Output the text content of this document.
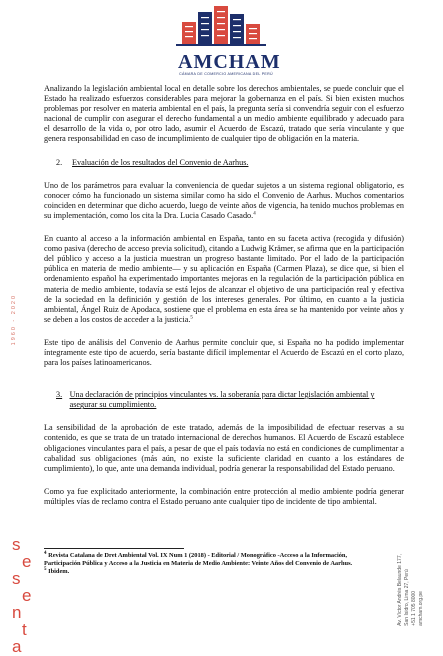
AMCHAM
CÁMARA DE COMERCIO AMERICANA DEL PERÚ
1960 - 2020

Analizando la legislación ambiental local en detalle sobre los derechos ambientales, se puede concluir que el Estado ha realizado esfuerzos considerables para mejorar la gobernanza en el país. Si bien existen muchos problemas por resolver en materia ambiental en el país, la pregunta sería si convendría seguir con el esfuerzo nacional de cumplir con asegurar el derecho fundamental a un medio ambiente equilibrado y adecuado para el desarrollo de la vida o, por otro lado, asumir el Acuerdo de Escazú, tratado que sería vinculante y que genera responsabilidad en caso de incumplimiento de cualquier tipo de obligación en la materia.

2. Evaluación de los resultados del Convenio de Aarhus.

Uno de los parámetros para evaluar la conveniencia de quedar sujetos a un sistema regional obligatorio, es conocer cómo ha funcionado un sistema similar como ha sido el Convenio de Aarhus. Muchos comentarios coinciden en determinar que dicho acuerdo, luego de veinte años de vigencia, ha tenido muchos problemas en su implementación, como los cita la Dra. Lucia Casado Casado.$^4$

En cuanto al acceso a la información ambiental en España, tanto en su faceta activa (recogida y difusión) como pasiva (derecho de acceso previa solicitud), citando a Ludwig Krämer, se afirma que en la participación del público y acceso a la justicia muestran un progreso bastante limitado. Por el lado de la participación pública en materia de medio ambiente— y su aplicación en España (Carmen Plaza), se dice que, si bien el ordenamiento español ha experimentado importantes mejoras en la regulación de la participación pública en materia de medio ambiente, todavía se está lejos de alcanzar el objetivo de una participación real y efectiva de la sociedad en la definición y gestión de los intereses generales. Por último, en cuanto a la justicia ambiental, Ángel Ruiz de Apodaca, sostiene que el problema en esta área se ha mantenido por veinte años y se deben a los costos de acceder a la justicia.$^5$

Este tipo de análisis del Convenio de Aarhus permite concluir que, si España no ha podido implementar íntegramente este tipo de acuerdo, sería bastante difícil implementar el Acuerdo de Escazú en el corto plazo, para los países latinoamericanos.

3. Una declaración de principios vinculantes vs. la soberanía para dictar legislación ambiental y asegurar su cumplimiento.

La sensibilidad de la aprobación de este tratado, además de la imposibilidad de efectuar reservas a su contenido, es que se trata de un tratado internacional de derechos humanos. El Acuerdo de Escazú establece obligaciones vinculantes para el país, a pesar de que el país todavía no está en condiciones de cumplimentar a cabalidad sus obligaciones (más aún, no existe la suficiente claridad en cuanto a los estándares de cumplimiento), lo que, ante una demanda individual, podría generar la responsabilidad del Estado peruano.

Como ya fue explicitado anteriormente, la combinación entre protección al medio ambiente podría generar múltiples vías de reclamo contra el Estado peruano ante cualquier tipo de incidente de tipo ambiental.

$^4$ Revista Catalana de Dret Ambiental Vol. IX Num 1 (2018) - Editorial / Monográfico -Acceso a la Información, Participación Pública y Acceso a la Justicia en Materia de Medio Ambiente: Veinte Años del Convenio de Aarhus.

$^5$ Ibidem.

s
e
s
e
n
t
a
Av. Víctor Andrés Belaunde 177, San Isidro, Lima 27, Perú +51 1 705 8000 amcham.org.pe
